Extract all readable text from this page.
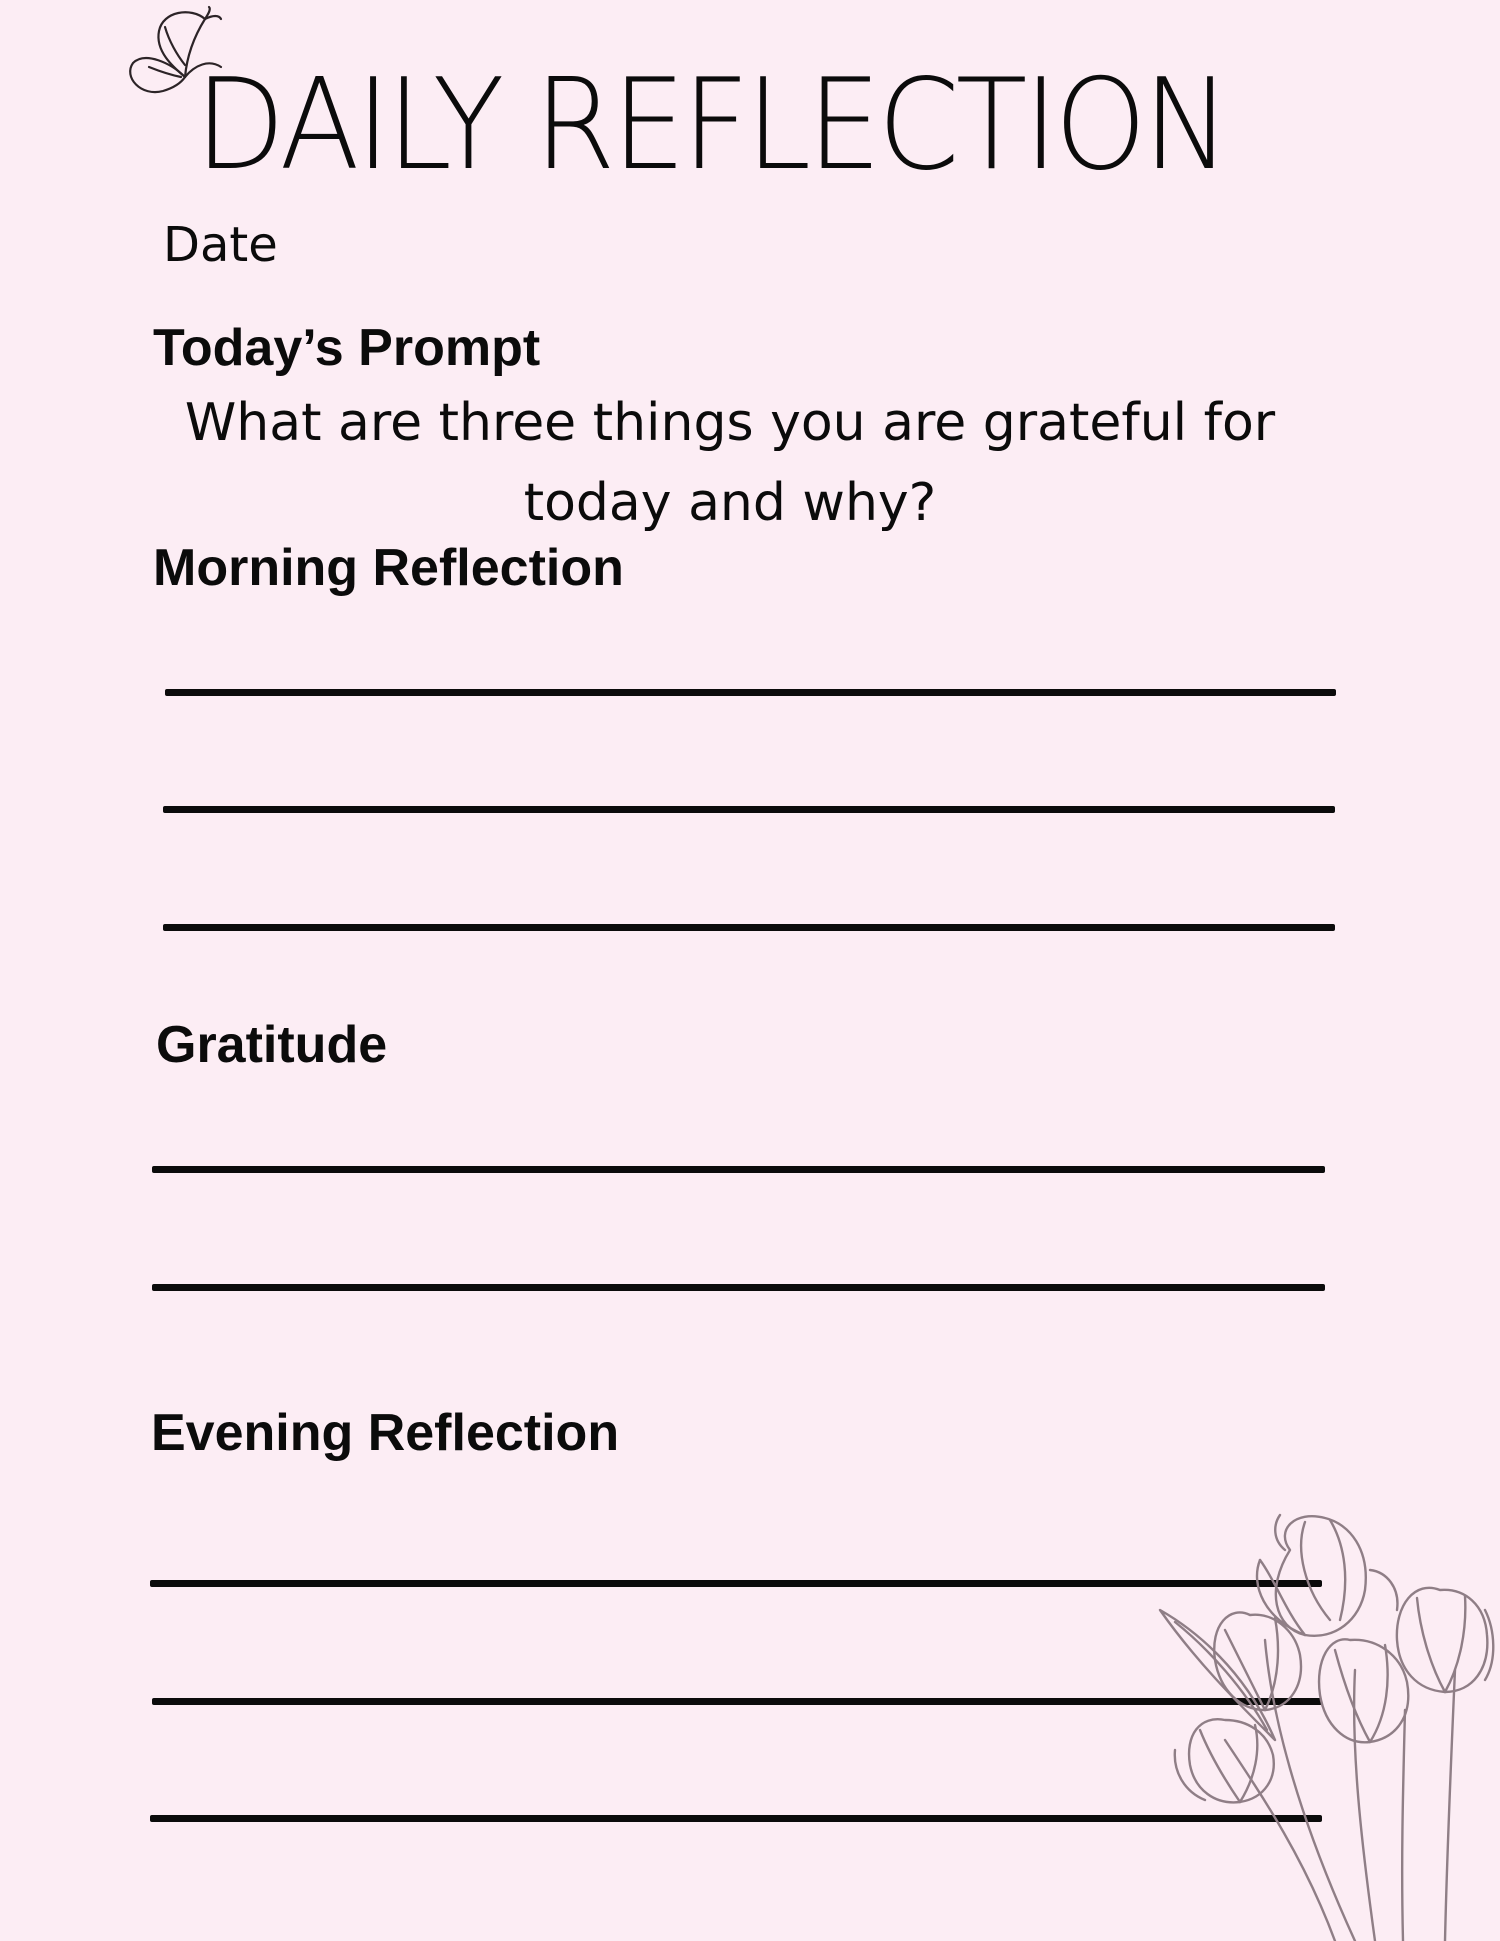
DAILY REFLECTION
Date
Today’s Prompt
What are three things you are grateful for
today and why?
Morning Reflection
Gratitude
Evening Reflection
